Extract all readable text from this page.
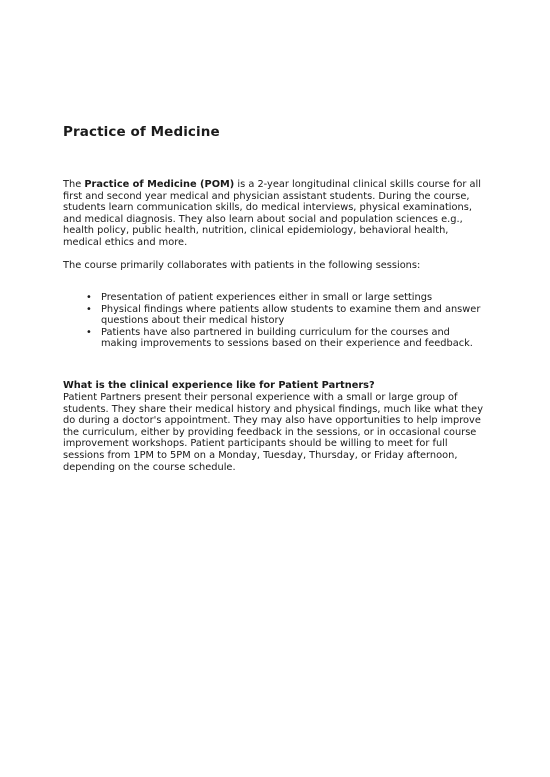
Practice of Medicine

The Practice of Medicine (POM) is a 2-year longitudinal clinical skills course for all first and second year medical and physician assistant students. During the course, students learn communication skills, do medical interviews, physical examinations, and medical diagnosis. They also learn about social and population sciences e.g., health policy, public health, nutrition, clinical epidemiology, behavioral health, medical ethics and more.

The course primarily collaborates with patients in the following sessions:

• Presentation of patient experiences either in small or large settings
• Physical findings where patients allow students to examine them and answer questions about their medical history
• Patients have also partnered in building curriculum for the courses and making improvements to sessions based on their experience and feedback.

What is the clinical experience like for Patient Partners?

Patient Partners present their personal experience with a small or large group of students. They share their medical history and physical findings, much like what they do during a doctor's appointment. They may also have opportunities to help improve the curriculum, either by providing feedback in the sessions, or in occasional course improvement workshops. Patient participants should be willing to meet for full sessions from 1PM to 5PM on a Monday, Tuesday, Thursday, or Friday afternoon, depending on the course schedule.
